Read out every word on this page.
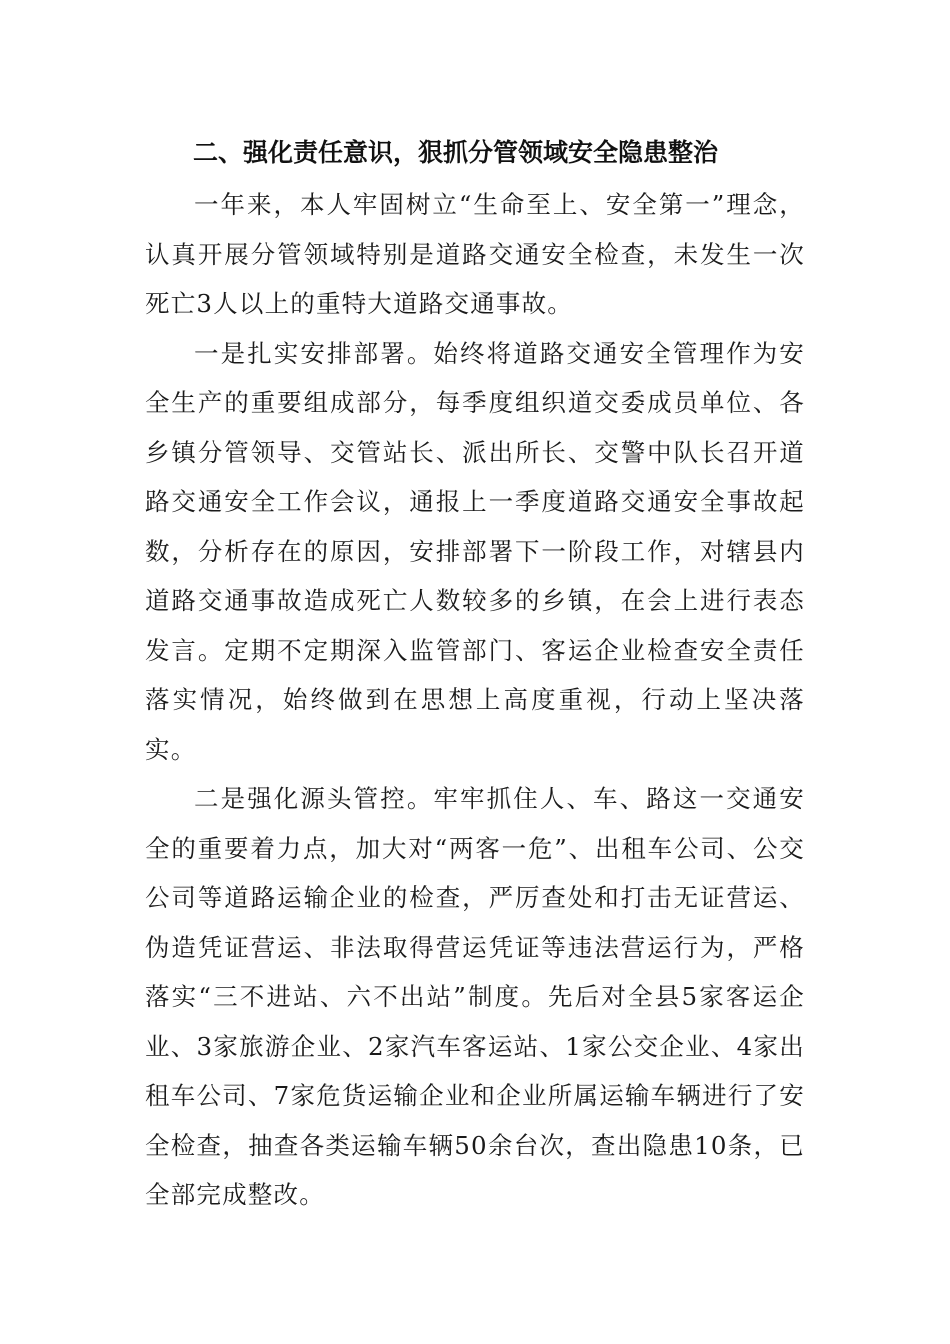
二、强化责任意识，狠抓分管领域安全隐患整治

一年来，本人牢固树立“生命至上、安全第一”理念，认真开展分管领域特别是道路交通安全检查，未发生一次死亡3人以上的重特大道路交通事故。

一是扎实安排部署。始终将道路交通安全管理作为安全生产的重要组成部分，每季度组织道交委成员单位、各乡镇分管领导、交管站长、派出所长、交警中队长召开道路交通安全工作会议，通报上一季度道路交通安全事故起数，分析存在的原因，安排部署下一阶段工作，对辖县内道路交通事故造成死亡人数较多的乡镇，在会上进行表态发言。定期不定期深入监管部门、客运企业检查安全责任落实情况，始终做到在思想上高度重视，行动上坚决落实。

二是强化源头管控。牢牢抓住人、车、路这一交通安全的重要着力点，加大对“两客一危”、出租车公司、公交公司等道路运输企业的检查，严厉查处和打击无证营运、伪造凭证营运、非法取得营运凭证等违法营运行为，严格落实“三不进站、六不出站”制度。先后对全县5家客运企业、3家旅游企业、2家汽车客运站、1家公交企业、4家出租车公司、7家危货运输企业和企业所属运输车辆进行了安全检查，抽查各类运输车辆50余台次，查出隐患10条，已全部完成整改。
